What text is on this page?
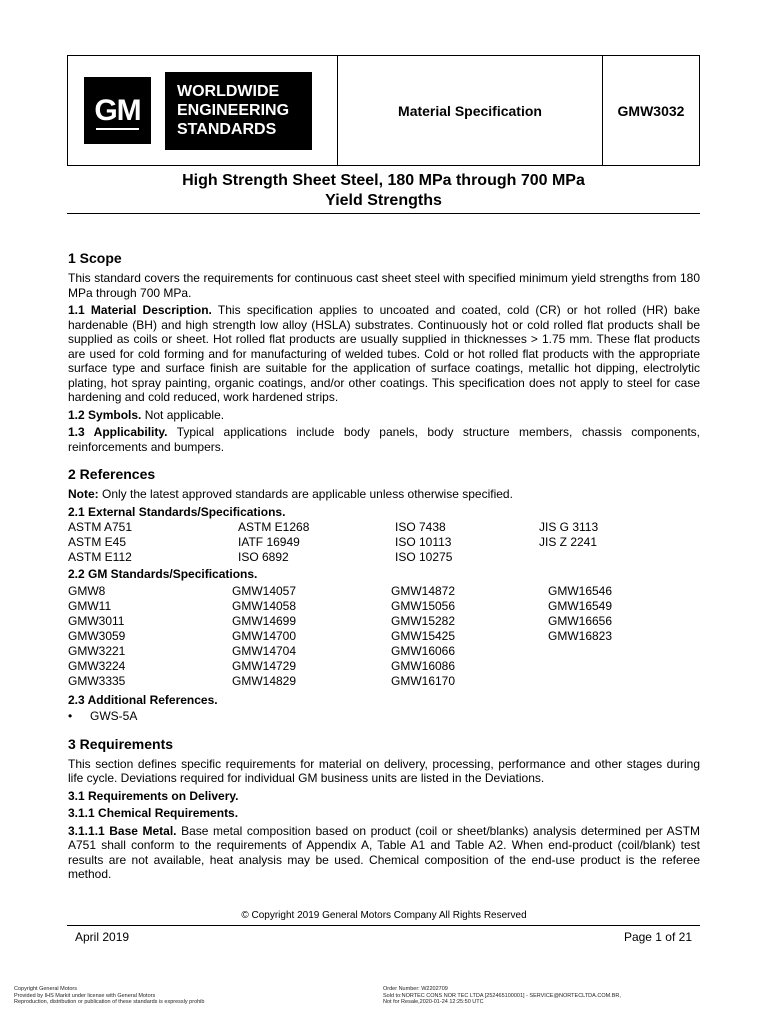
GM
WORLDWIDE
ENGINEERING
STANDARDS
Material Specification	GMW3032
High Strength Sheet Steel, 180 MPa through 700 MPa
Yield Strengths
1 Scope

This standard covers the requirements for continuous cast sheet steel with specified minimum yield strengths from 180 MPa through 700 MPa.

1.1 Material Description. This specification applies to uncoated and coated, cold (CR) or hot rolled (HR) bake hardenable (BH) and high strength low alloy (HSLA) substrates. Continuously hot or cold rolled flat products shall be supplied as coils or sheet. Hot rolled flat products are usually supplied in thicknesses > 1.75 mm. These flat products are used for cold forming and for manufacturing of welded tubes. Cold or hot rolled flat products with the appropriate surface type and surface finish are suitable for the application of surface coatings, metallic hot dipping, electrolytic plating, hot spray painting, organic coatings, and/or other coatings. This specification does not apply to steel for case hardening and cold reduced, work hardened strips.

1.2 Symbols. Not applicable.

1.3 Applicability. Typical applications include body panels, body structure members, chassis components, reinforcements and bumpers.

2 References

Note: Only the latest approved standards are applicable unless otherwise specified.

2.1 External Standards/Specifications.

ASTM A751	ASTM E1268	ISO 7438	JIS G 3113
ASTM E45	IATF 16949	ISO 10113	JIS Z 2241
ASTM E112	ISO 6892	ISO 10275

2.2 GM Standards/Specifications.

GMW8	GMW14057	GMW14872	GMW16546
GMW11	GMW14058	GMW15056	GMW16549
GMW3011	GMW14699	GMW15282	GMW16656
GMW3059	GMW14700	GMW15425	GMW16823
GMW3221	GMW14704	GMW16066
GMW3224	GMW14729	GMW16086
GMW3335	GMW14829	GMW16170

2.3 Additional References.

• GWS-5A
3 Requirements

This section defines specific requirements for material on delivery, processing, performance and other stages during life cycle. Deviations required for individual GM business units are listed in the Deviations.

3.1 Requirements on Delivery.

3.1.1 Chemical Requirements.

3.1.1.1 Base Metal. Base metal composition based on product (coil or sheet/blanks) analysis determined per ASTM A751 shall conform to the requirements of Appendix A, Table A1 and Table A2. When end-product (coil/blank) test results are not available, heat analysis may be used. Chemical composition of the end-use product is the referee method.

© Copyright 2019 General Motors Company All Rights Reserved
April 2019	Page 1 of 21
Copyright General Motors
Provided by IHS Markit under license with General Motors
Reproduction, distribution or publication of these standards is expressly prohib
Order Number: W2202709
Sold to:NORTEC CONS NOR TEC LTDA [252465100001] - SERVICE@NORTECLTDA.COM.BR,
Not for Resale,2020-01-24 12:25:50 UTC
